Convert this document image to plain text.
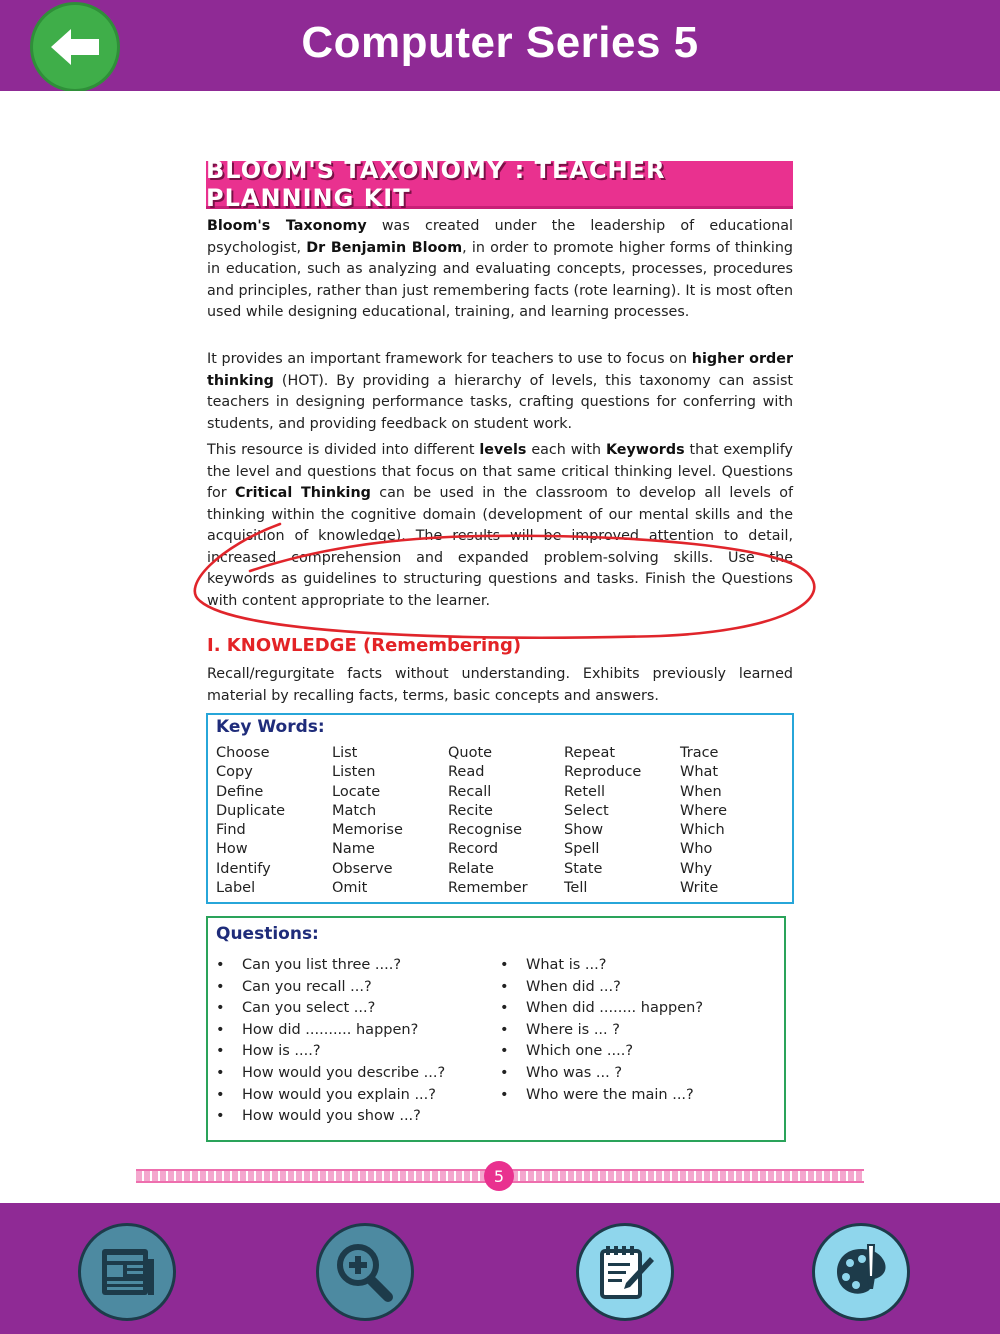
Computer Series 5
BLOOM'S TAXONOMY : TEACHER PLANNING KIT
Bloom's Taxonomy was created under the leadership of educational psychologist, Dr Benjamin Bloom, in order to promote higher forms of thinking in education, such as analyzing and evaluating concepts, processes, procedures and principles, rather than just remembering facts (rote learning). It is most often used while designing educational, training, and learning processes.
It provides an important framework for teachers to use to focus on higher order thinking (HOT). By providing a hierarchy of levels, this taxonomy can assist teachers in designing performance tasks, crafting questions for conferring with students, and providing feedback on student work.
This resource is divided into different levels each with Keywords that exemplify the level and questions that focus on that same critical thinking level. Questions for Critical Thinking can be used in the classroom to develop all levels of thinking within the cognitive domain (development of our mental skills and the acquisition of knowledge). The results will be improved attention to detail, increased comprehension and expanded problem-solving skills. Use the keywords as guidelines to structuring questions and tasks. Finish the Questions with content appropriate to the learner.
I. KNOWLEDGE (Remembering)
Recall/regurgitate facts without understanding. Exhibits previously learned material by recalling facts, terms, basic concepts and answers.
Key Words:
Choose	List	Quote	Repeat	Trace
Copy	Listen	Read	Reproduce	What
Define	Locate	Recall	Retell	When
Duplicate	Match	Recite	Select	Where
Find	Memorise	Recognise	Show	Which
How	Name	Record	Spell	Who
Identify	Observe	Relate	State	Why
Label	Omit	Remember	Tell	Write
Questions:
• Can you list three ....?
• Can you recall ...?
• Can you select ...?
• How did .......... happen?
• How is ....?
• How would you describe ...?
• How would you explain ...?
• How would you show ...?
• What is ...?
• When did ...?
• When did ........ happen?
• Where is ... ?
• Which one ....?
• Who was ... ?
• Who were the main ...?
5
